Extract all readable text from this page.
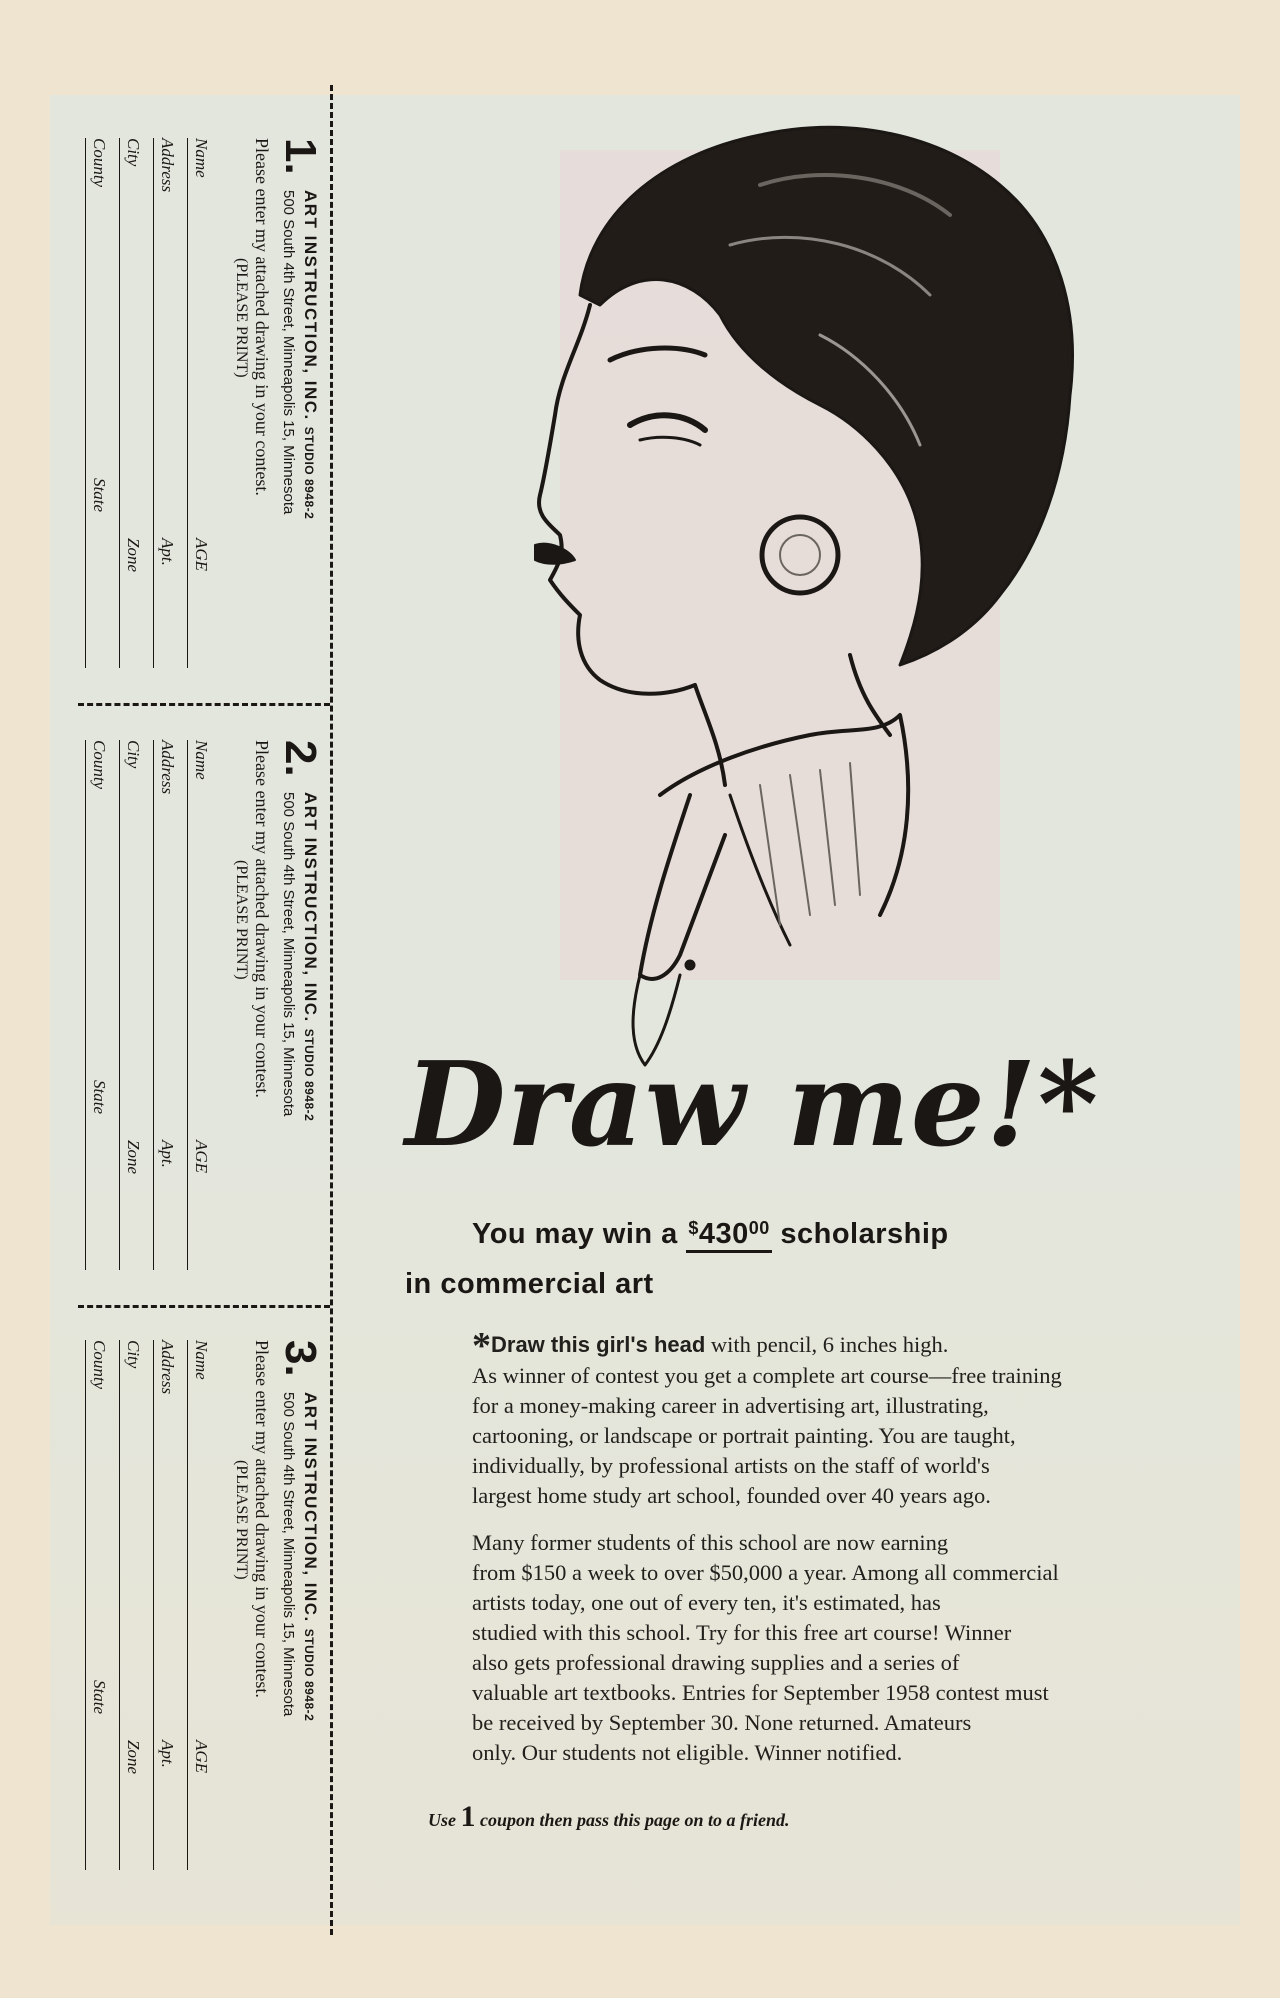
1.
ART INSTRUCTION, INC.STUDIO 8948-2
500 South 4th Street, Minneapolis 15, Minnesota
Please enter my attached drawing in your contest.
(PLEASE PRINT)
Name
AGE
Address
Apt.
City
Zone
County
State
2.
ART INSTRUCTION, INC.STUDIO 8948-2
500 South 4th Street, Minneapolis 15, Minnesota
Please enter my attached drawing in your contest.
(PLEASE PRINT)
Name
AGE
Address
Apt.
City
Zone
County
State
3.
ART INSTRUCTION, INC.STUDIO 8948-2
500 South 4th Street, Minneapolis 15, Minnesota
Please enter my attached drawing in your contest.
(PLEASE PRINT)
Name
AGE
Address
Apt.
City
Zone
County
State
Draw me!*
You may win a $^{\$}430^{00}$ scholarship
in commercial art
*Draw this girl's head with pencil, 6 inches high.
As winner of contest you get a complete art course—free training
for a money-making career in advertising art, illustrating,
cartooning, or landscape or portrait painting. You are taught,
individually, by professional artists on the staff of world's
largest home study art school, founded over 40 years ago.
Many former students of this school are now earning
from $150 a week to over $50,000 a year. Among all commercial
artists today, one out of every ten, it's estimated, has
studied with this school. Try for this free art course! Winner
also gets professional drawing supplies and a series of
valuable art textbooks. Entries for September 1958 contest must
be received by September 30. None returned. Amateurs
only. Our students not eligible. Winner notified.
Use 1 coupon then pass this page on to a friend.
